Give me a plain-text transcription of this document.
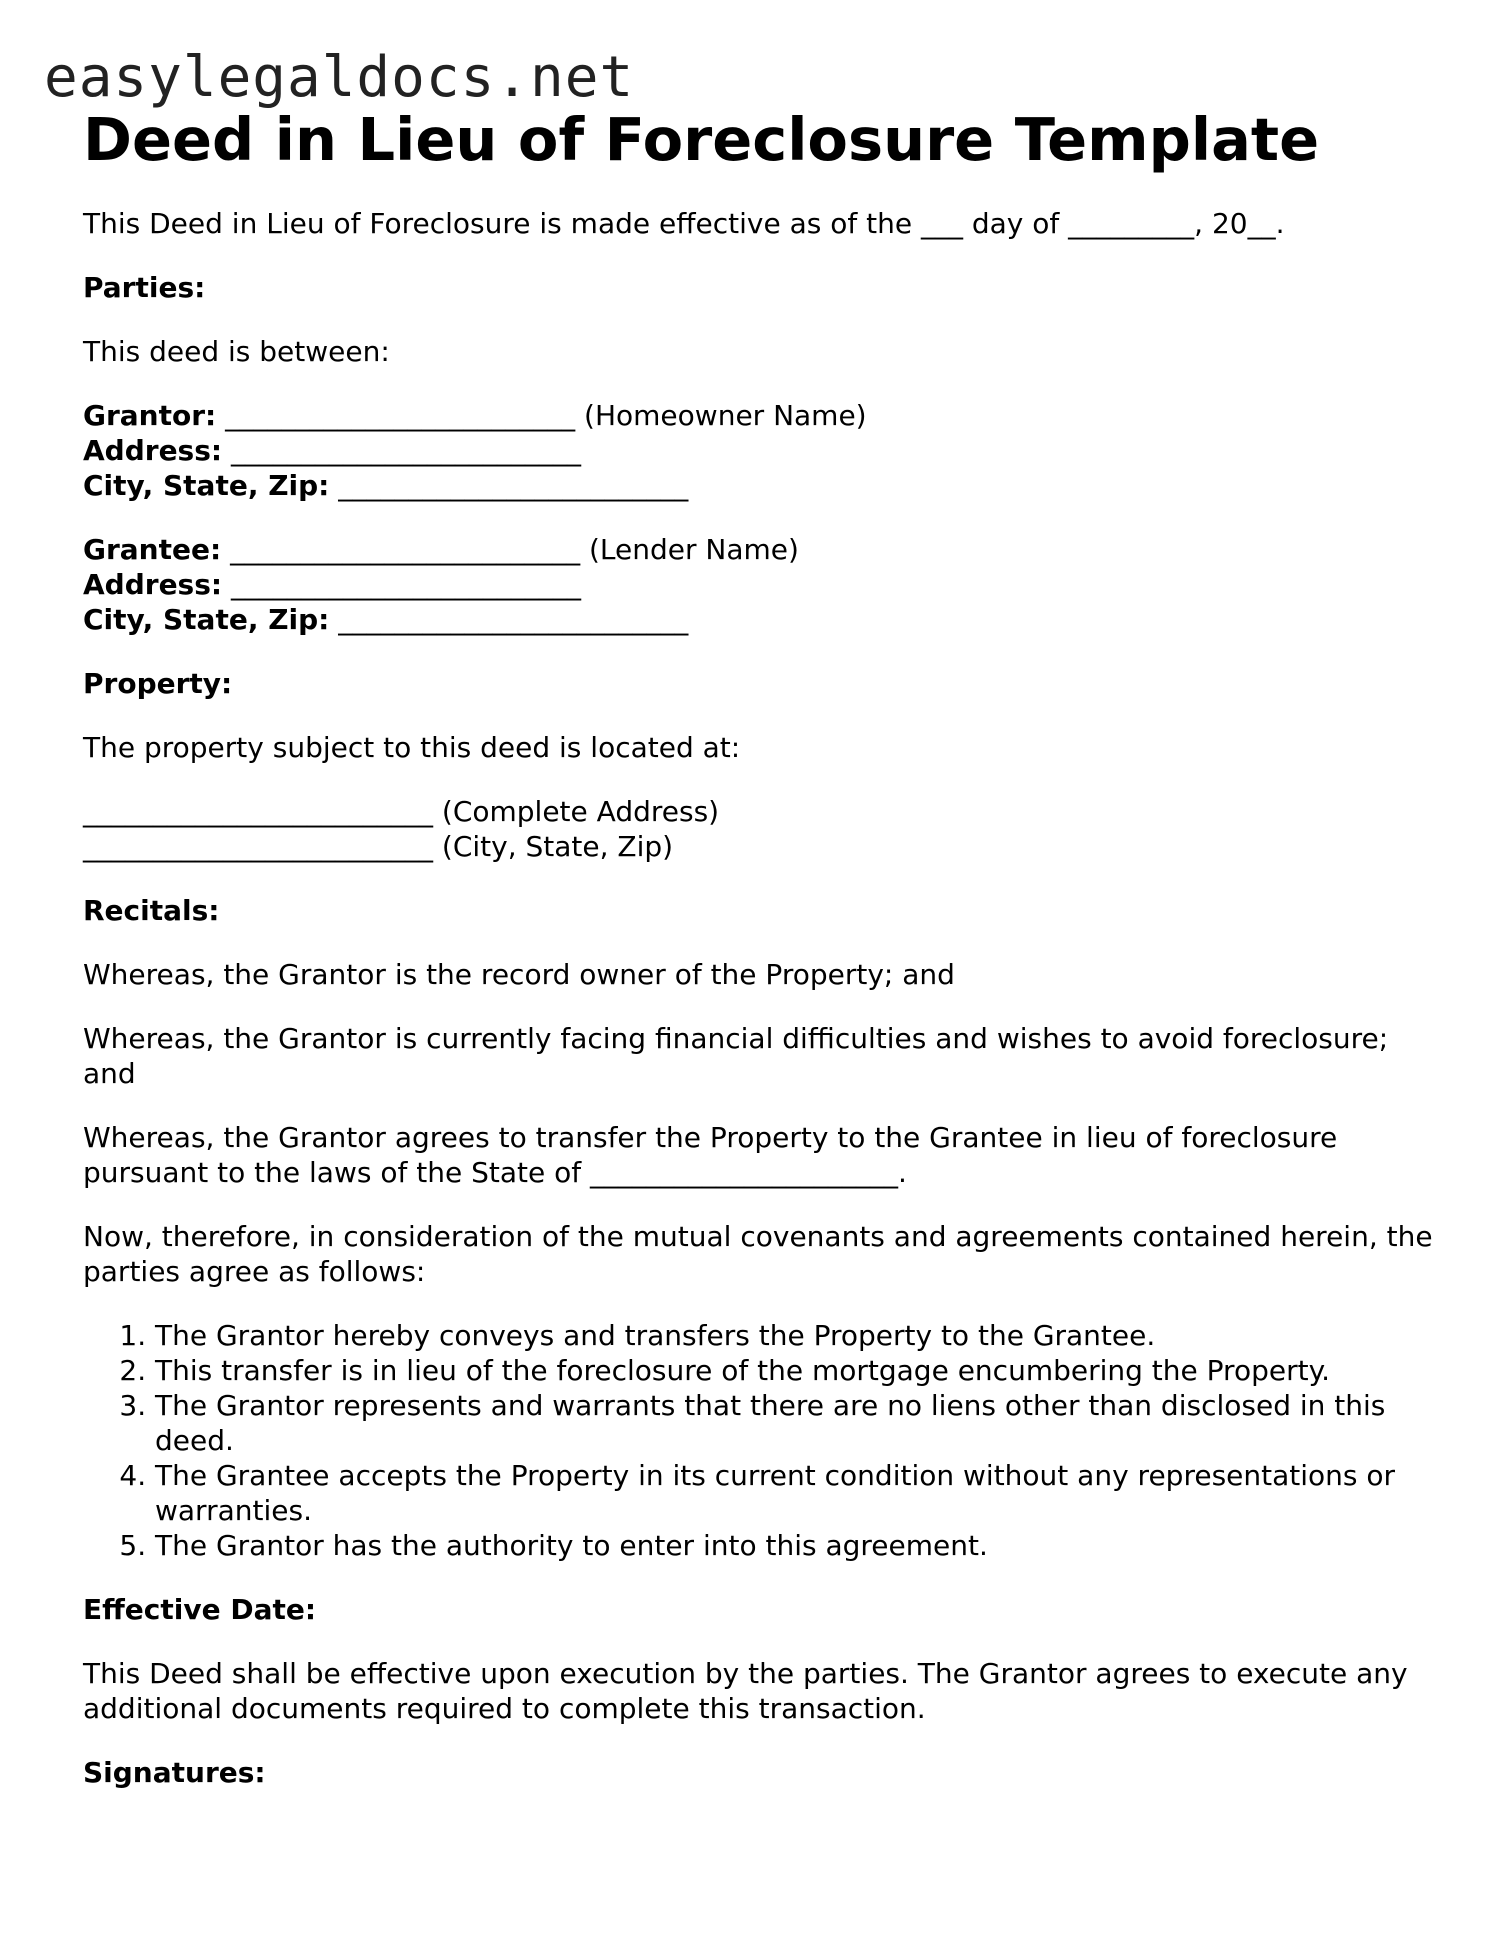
easylegaldocs.net
Deed in Lieu of Foreclosure Template

This Deed in Lieu of Foreclosure is made effective as of the ___ day of _________, 20__.

Parties:

This deed is between:

Grantor: _________________________ (Homeowner Name)

Address: _________________________

City, State, Zip: _________________________

Grantee: _________________________ (Lender Name)

Address: _________________________

City, State, Zip: _________________________

Property:

The property subject to this deed is located at:

_________________________ (Complete Address)

_________________________ (City, State, Zip)

Recitals:

Whereas, the Grantor is the record owner of the Property; and

Whereas, the Grantor is currently facing financial difficulties and wishes to avoid foreclosure; and

Whereas, the Grantor agrees to transfer the Property to the Grantee in lieu of foreclosure pursuant to the laws of the State of ______________________.

Now, therefore, in consideration of the mutual covenants and agreements contained herein, the parties agree as follows:

1. The Grantor hereby conveys and transfers the Property to the Grantee.
2. This transfer is in lieu of the foreclosure of the mortgage encumbering the Property.
3. The Grantor represents and warrants that there are no liens other than disclosed in this deed.
4. The Grantee accepts the Property in its current condition without any representations or warranties.
5. The Grantor has the authority to enter into this agreement.

Effective Date:

This Deed shall be effective upon execution by the parties. The Grantor agrees to execute any additional documents required to complete this transaction.

Signatures:
